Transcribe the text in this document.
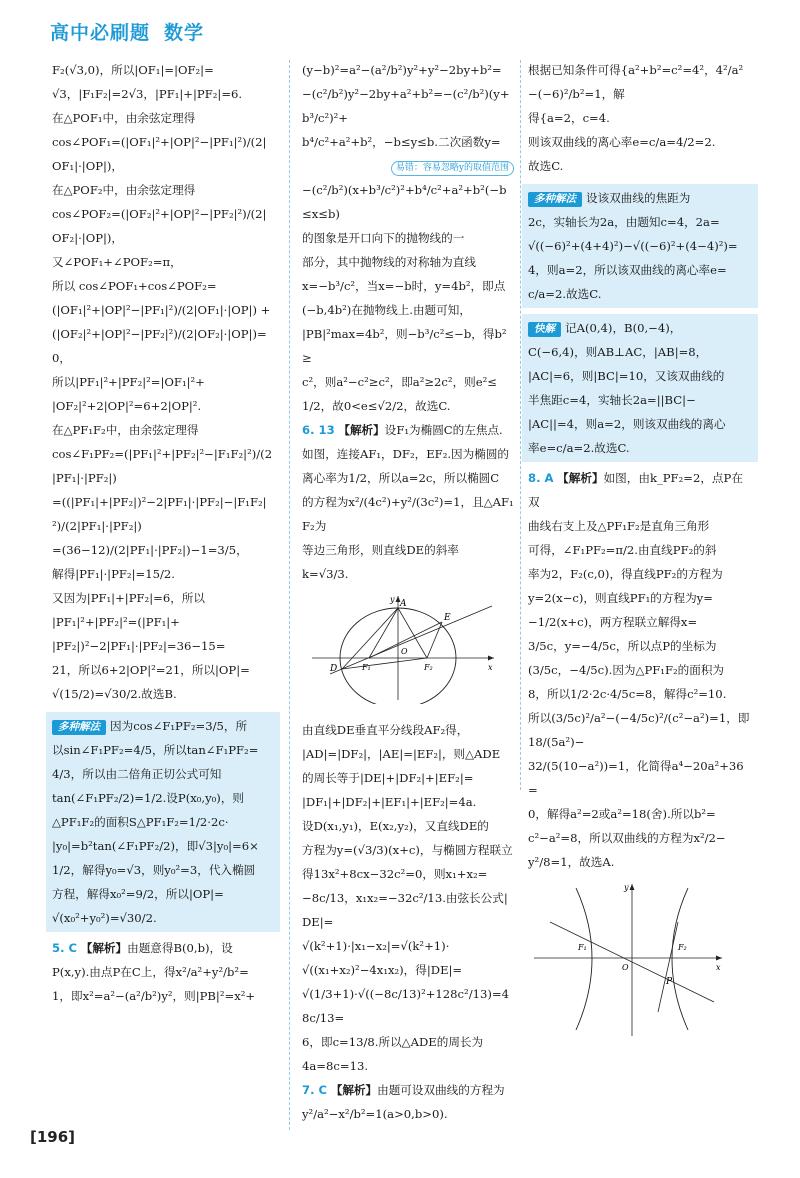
高中必刷题 数学

F₂(√3,0)，所以|OF₁|=|OF₂|=

√3，|F₁F₂|=2√3，|PF₁|+|PF₂|=6.

在△POF₁中，由余弦定理得

cos∠POF₁=(|OF₁|²+|OP|²−|PF₁|²)/(2|OF₁|·|OP|)，

在△POF₂中，由余弦定理得

cos∠POF₂=(|OF₂|²+|OP|²−|PF₂|²)/(2|OF₂|·|OP|)，

又∠POF₁+∠POF₂=π，

所以 cos∠POF₁+cos∠POF₂=

(|OF₁|²+|OP|²−|PF₁|²)/(2|OF₁|·|OP|) +

(|OF₂|²+|OP|²−|PF₂|²)/(2|OF₂|·|OP|)=0，

所以|PF₁|²+|PF₂|²=|OF₁|²+

|OF₂|²+2|OP|²=6+2|OP|².

在△PF₁F₂中，由余弦定理得

cos∠F₁PF₂=(|PF₁|²+|PF₂|²−|F₁F₂|²)/(2|PF₁|·|PF₂|)

=((|PF₁|+|PF₂|)²−2|PF₁|·|PF₂|−|F₁F₂|²)/(2|PF₁|·|PF₂|)

=(36−12)/(2|PF₁|·|PF₂|)−1=3/5，

解得|PF₁|·|PF₂|=15/2.

又因为|PF₁|+|PF₂|=6，所以

|PF₁|²+|PF₂|²=(|PF₁|+

|PF₂|)²−2|PF₁|·|PF₂|=36−15=

21，所以6+2|OP|²=21，所以|OP|=

√(15/2)=√30/2.故选B.

多种解法 因为cos∠F₁PF₂=3/5，所

以sin∠F₁PF₂=4/5，所以tan∠F₁PF₂=

4/3，所以由二倍角正切公式可知

tan(∠F₁PF₂/2)=1/2.设P(x₀,y₀)，则

△PF₁F₂的面积S△PF₁F₂=1/2·2c·

|y₀|=b²tan(∠F₁PF₂/2)，即√3|y₀|=6×

1/2，解得y₀=√3，则y₀²=3，代入椭圆

方程，解得x₀²=9/2，所以|OP|=

√(x₀²+y₀²)=√30/2.

5. C 【解析】由题意得B(0,b)，设

P(x,y).由点P在C上，得x²/a²+y²/b²=

1，即x²=a²−(a²/b²)y²，则|PB|²=x²+

(y−b)²=a²−(a²/b²)y²+y²−2by+b²=

−(c²/b²)y²−2by+a²+b²=−(c²/b²)(y+b³/c²)²+

b⁴/c²+a²+b²，−b≤y≤b.二次函数y=

易错：容易忽略y的取值范围

−(c²/b²)(x+b³/c²)²+b⁴/c²+a²+b²(−b≤x≤b)

的图象是开口向下的抛物线的一

部分，其中抛物线的对称轴为直线

x=−b³/c²，当x=−b时，y=4b²，即点

(−b,4b²)在抛物线上.由题可知，

|PB|²max=4b²，则−b³/c²≤−b，得b²≥

c²，则a²−c²≥c²，即a²≥2c²，则e²≤

1/2，故0<e≤√2/2，故选C.

6. 13 【解析】设F₁为椭圆C的左焦点.

如图，连接AF₁，DF₂，EF₂.因为椭圆的

离心率为1/2，所以a=2c，所以椭圆C

的方程为x²/(4c²)+y²/(3c²)=1，且△AF₁F₂为

等边三角形，则直线DE的斜率

k=√3/3.

A
E
D	F₁	F₂
O
x
y

由直线DE垂直平分线段AF₂得，

|AD|=|DF₂|，|AE|=|EF₂|，则△ADE

的周长等于|DE|+|DF₂|+|EF₂|=

|DF₁|+|DF₂|+|EF₁|+|EF₂|=4a.

设D(x₁,y₁)，E(x₂,y₂)，又直线DE的

方程为y=(√3/3)(x+c)，与椭圆方程联立

得13x²+8cx−32c²=0，则x₁+x₂=

−8c/13，x₁x₂=−32c²/13.由弦长公式|DE|=

√(k²+1)·|x₁−x₂|=√(k²+1)·

√((x₁+x₂)²−4x₁x₂)，得|DE|=

√(1/3+1)·√((−8c/13)²+128c²/13)=48c/13=

6，即c=13/8.所以△ADE的周长为

4a=8c=13.

7. C 【解析】由题可设双曲线的方程为

y²/a²−x²/b²=1(a>0,b>0).

根据已知条件可得{a²+b²=c²=4²，4²/a²−(−6)²/b²=1，解

得{a=2，c=4.

则该双曲线的离心率e=c/a=4/2=2.

故选C.

多种解法 设该双曲线的焦距为

2c，实轴长为2a，由题知c=4，2a=

√((−6)²+(4+4)²)−√((−6)²+(4−4)²)=

4，则a=2，所以该双曲线的离心率e=

c/a=2.故选C.

快解 记A(0,4)，B(0,−4)，

C(−6,4)，则AB⊥AC，|AB|=8，

|AC|=6，则|BC|=10，又该双曲线的

半焦距c=4，实轴长2a=||BC|−

|AC||=4，则a=2，则该双曲线的离心

率e=c/a=2.故选C.

8. A 【解析】如图，由k_PF₂=2，点P在双

曲线右支上及△PF₁F₂是直角三角形

可得，∠F₁PF₂=π/2.由直线PF₂的斜

率为2，F₂(c,0)，得直线PF₂的方程为

y=2(x−c)，则直线PF₁的方程为y=

−1/2(x+c)，两方程联立解得x=

3/5c，y=−4/5c，所以点P的坐标为

(3/5c，−4/5c).因为△PF₁F₂的面积为

8，所以1/2·2c·4/5c=8，解得c²=10.

所以(3/5c)²/a²−(−4/5c)²/(c²−a²)=1，即18/(5a²)−

32/(5(10−a²))=1，化简得a⁴−20a²+36=

0，解得a²=2或a²=18(舍).所以b²=

c²−a²=8，所以双曲线的方程为x²/2−

y²/8=1，故选A.

F₁	F₂
O
P
x
y
[196]
